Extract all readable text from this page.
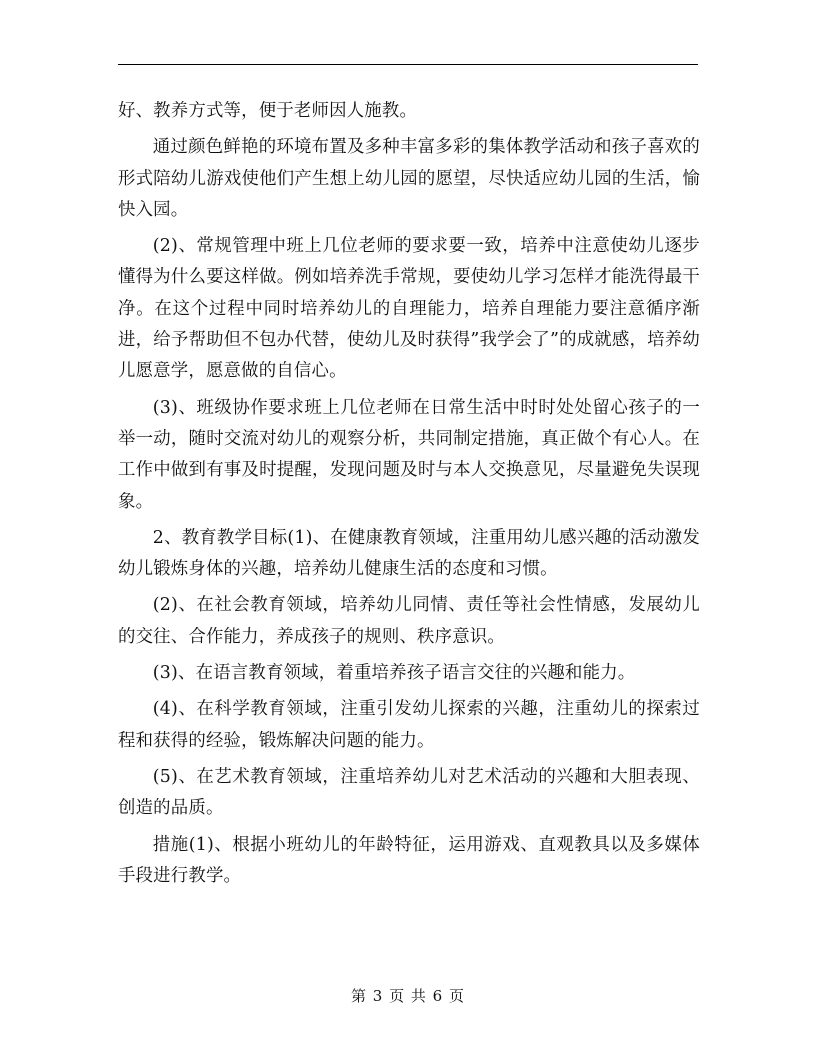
好、教养方式等，便于老师因人施教。

通过颜色鲜艳的环境布置及多种丰富多彩的集体教学活动和孩子喜欢的形式陪幼儿游戏使他们产生想上幼儿园的愿望，尽快适应幼儿园的生活，愉快入园。

(2)、常规管理中班上几位老师的要求要一致，培养中注意使幼儿逐步懂得为什么要这样做。例如培养洗手常规，要使幼儿学习怎样才能洗得最干净。在这个过程中同时培养幼儿的自理能力，培养自理能力要注意循序渐进，给予帮助但不包办代替，使幼儿及时获得”我学会了”的成就感，培养幼儿愿意学，愿意做的自信心。

(3)、班级协作要求班上几位老师在日常生活中时时处处留心孩子的一举一动，随时交流对幼儿的观察分析，共同制定措施，真正做个有心人。在工作中做到有事及时提醒，发现问题及时与本人交换意见，尽量避免失误现象。

2、教育教学目标(1)、在健康教育领域，注重用幼儿感兴趣的活动激发幼儿锻炼身体的兴趣，培养幼儿健康生活的态度和习惯。

(2)、在社会教育领域，培养幼儿同情、责任等社会性情感，发展幼儿的交往、合作能力，养成孩子的规则、秩序意识。

(3)、在语言教育领域，着重培养孩子语言交往的兴趣和能力。

(4)、在科学教育领域，注重引发幼儿探索的兴趣，注重幼儿的探索过程和获得的经验，锻炼解决问题的能力。

(5)、在艺术教育领域，注重培养幼儿对艺术活动的兴趣和大胆表现、创造的品质。

措施(1)、根据小班幼儿的年龄特征，运用游戏、直观教具以及多媒体手段进行教学。

第 3 页 共 6 页
